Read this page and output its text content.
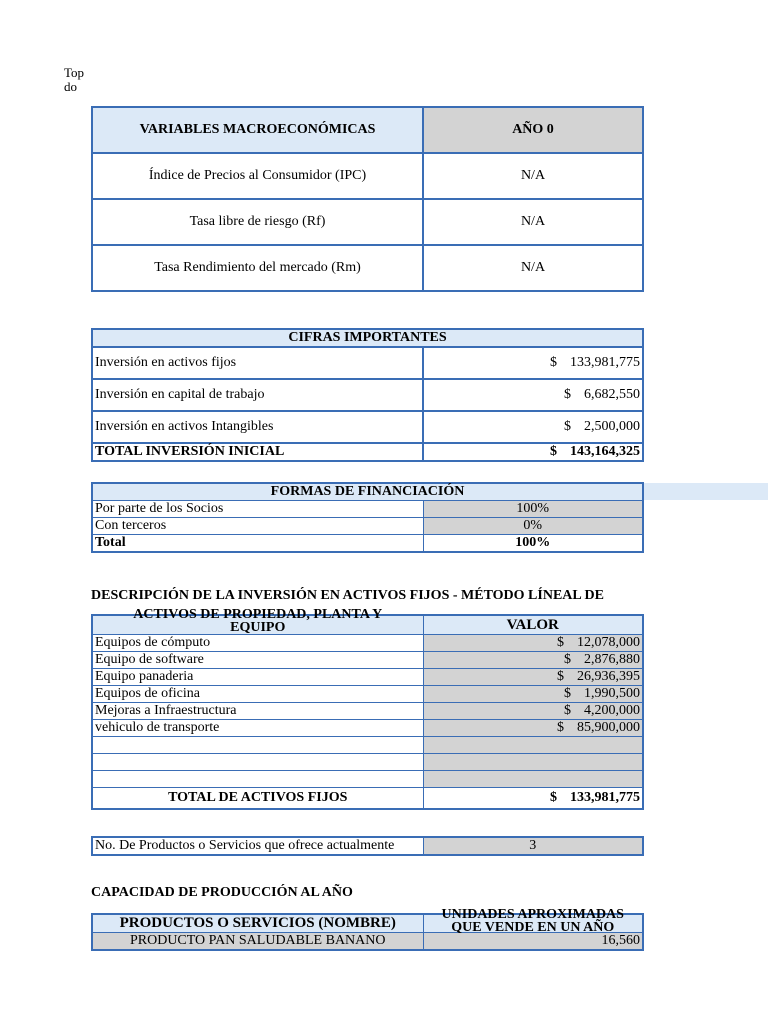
Top
do
VARIABLES MACROECONÓMICAS	AÑO 0
Índice de Precios al Consumidor (IPC)	N/A
Tasa libre de riesgo (Rf)	N/A
Tasa Rendimiento del mercado (Rm)	N/A
CIFRAS IMPORTANTES	
Inversión en activos fijos	$ 133,981,775

Inversión en capital de trabajo	$ 6,682,550

Inversión en activos Intangibles	$ 2,500,000

TOTAL INVERSIÓN INICIAL	$ 143,164,325
FORMAS DE FINANCIACIÓN	
Por parte de los Socios	100%
Con terceros	0%
Total	100%
DESCRIPCIÓN DE LA INVERSIÓN EN ACTIVOS FIJOS - MÉTODO LÍNEAL DE
ACTIVOS DE PROPIEDAD, PLANTA Y EQUIPO	VALOR
Equipos de cómputo	$ 12,078,000

Equipo de software	$ 2,876,880

Equipo panaderia	$ 26,936,395

Equipos de oficina	$ 1,990,500

Mejoras a Infraestructura	$ 4,200,000

vehiculo de transporte	$ 85,900,000

TOTAL DE ACTIVOS FIJOS	$ 133,981,775
No. De Productos o Servicios que ofrece actualmente	3
CAPACIDAD DE PRODUCCIÓN AL AÑO
PRODUCTOS O SERVICIOS (NOMBRE)	UNIDADES APROXIMADAS QUE VENDE EN UN AÑO

PRODUCTO PAN SALUDABLE BANANO	16,560
